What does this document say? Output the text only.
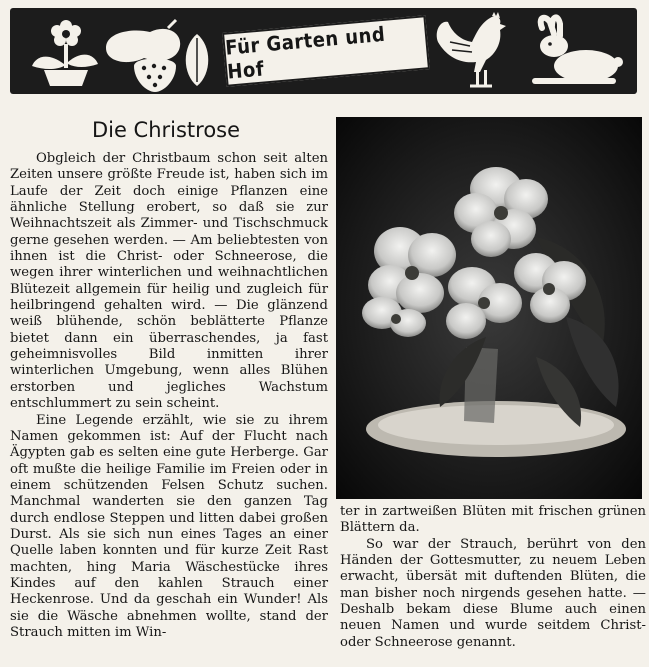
Für Garten und Hof
Die Christrose

Obgleich der Christbaum schon seit alten Zeiten unsere größte Freude ist, haben sich im Laufe der Zeit doch einige Pflanzen eine ähnliche Stellung erobert, so daß sie zur Weihnachtszeit als Zimmer- und Tischschmuck gerne gesehen werden. — Am beliebtesten von ihnen ist die Christ- oder Schneerose, die wegen ihrer winterlichen und weihnachtlichen Blütezeit allgemein für heilig und zugleich für heilbringend gehalten wird. — Die glänzend weiß blühende, schön beblätterte Pflanze bietet dann ein überraschendes, ja fast geheimnisvolles Bild inmitten ihrer winterlichen Umgebung, wenn alles Blühen erstorben und jegliches Wachstum entschlummert zu sein scheint.

Eine Legende erzählt, wie sie zu ihrem Namen gekommen ist: Auf der Flucht nach Ägypten gab es selten eine gute Herberge. Gar oft mußte die heilige Familie im Freien oder in einem schützenden Felsen Schutz suchen. Manchmal wanderten sie den ganzen Tag durch endlose Steppen und litten dabei großen Durst. Als sie sich nun eines Tages an einer Quelle laben konnten und für kurze Zeit Rast machten, hing Maria Wäschestücke ihres Kindes auf den kahlen Strauch einer Heckenrose. Und da geschah ein Wunder! Als sie die Wäsche abnehmen wollte, stand der Strauch mitten im Win-

ter in zartweißen Blüten mit frischen grünen Blättern da.

So war der Strauch, berührt von den Händen der Gottesmutter, zu neuem Leben erwacht, übersät mit duftenden Blüten, die man bisher noch nirgends gesehen hatte. — Deshalb bekam diese Blume auch einen neuen Namen und wurde seitdem Christ- oder Schneerose genannt.
